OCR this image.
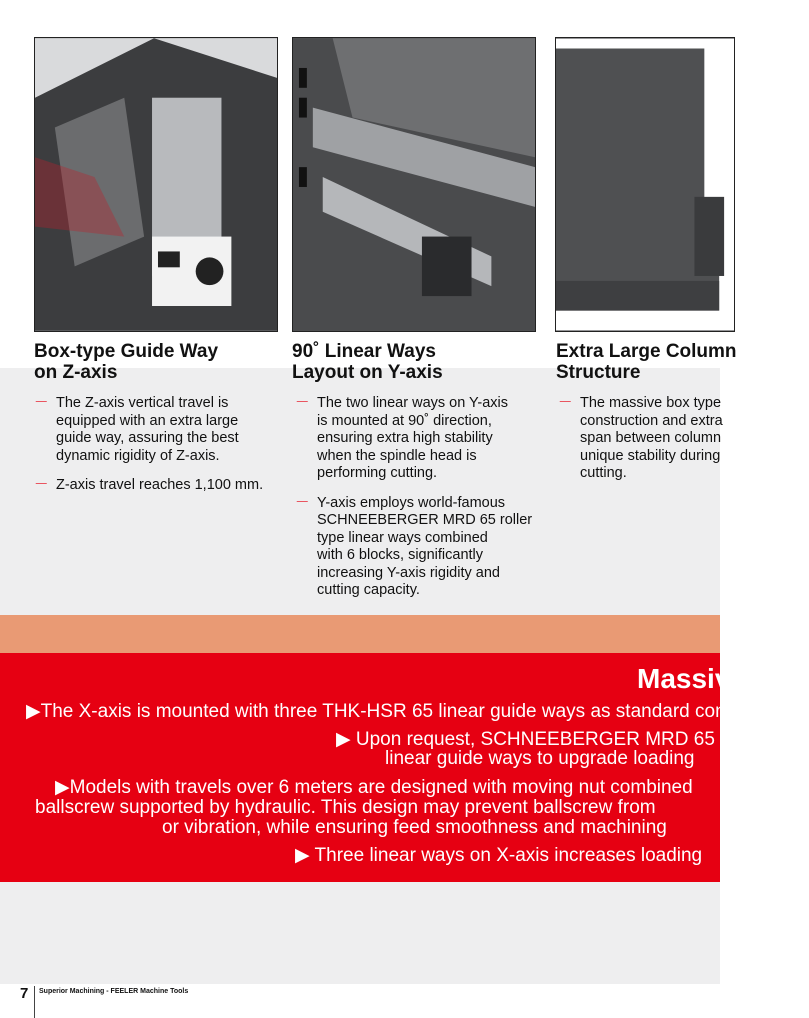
Box-type Guide Way
on Z-axis
－ The Z-axis vertical travel is
equipped with an extra large
guide way, assuring the best
dynamic rigidity of Z-axis.
－ Z-axis travel reaches 1,100 mm.
90˚ Linear Ways
Layout on Y-axis
－ The two linear ways on Y-axis
is mounted at 90˚ direction,
ensuring extra high stability
when the spindle head is
performing cutting.
－ Y-axis employs world-famous
SCHNEEBERGER MRD 65 roller
type linear ways combined
with 6 blocks, significantly
increasing Y-axis rigidity and
cutting capacity.
Extra Large Column
Structure
－ The massive box type
construction and extra
span between column
unique stability during
cutting.
Massive
▶The X-axis is mounted with three THK-HSR 65 linear guide ways as standard configuration.
▶ Upon request, SCHNEEBERGER MRD 65
linear guide ways to upgrade loading
▶Models with travels over 6 meters are designed with moving nut combined
ballscrew supported by hydraulic. This design may prevent ballscrew from
or vibration, while ensuring feed smoothness and machining
▶ Three linear ways on X-axis increases loading
7 Superior Machining - FEELER Machine Tools
